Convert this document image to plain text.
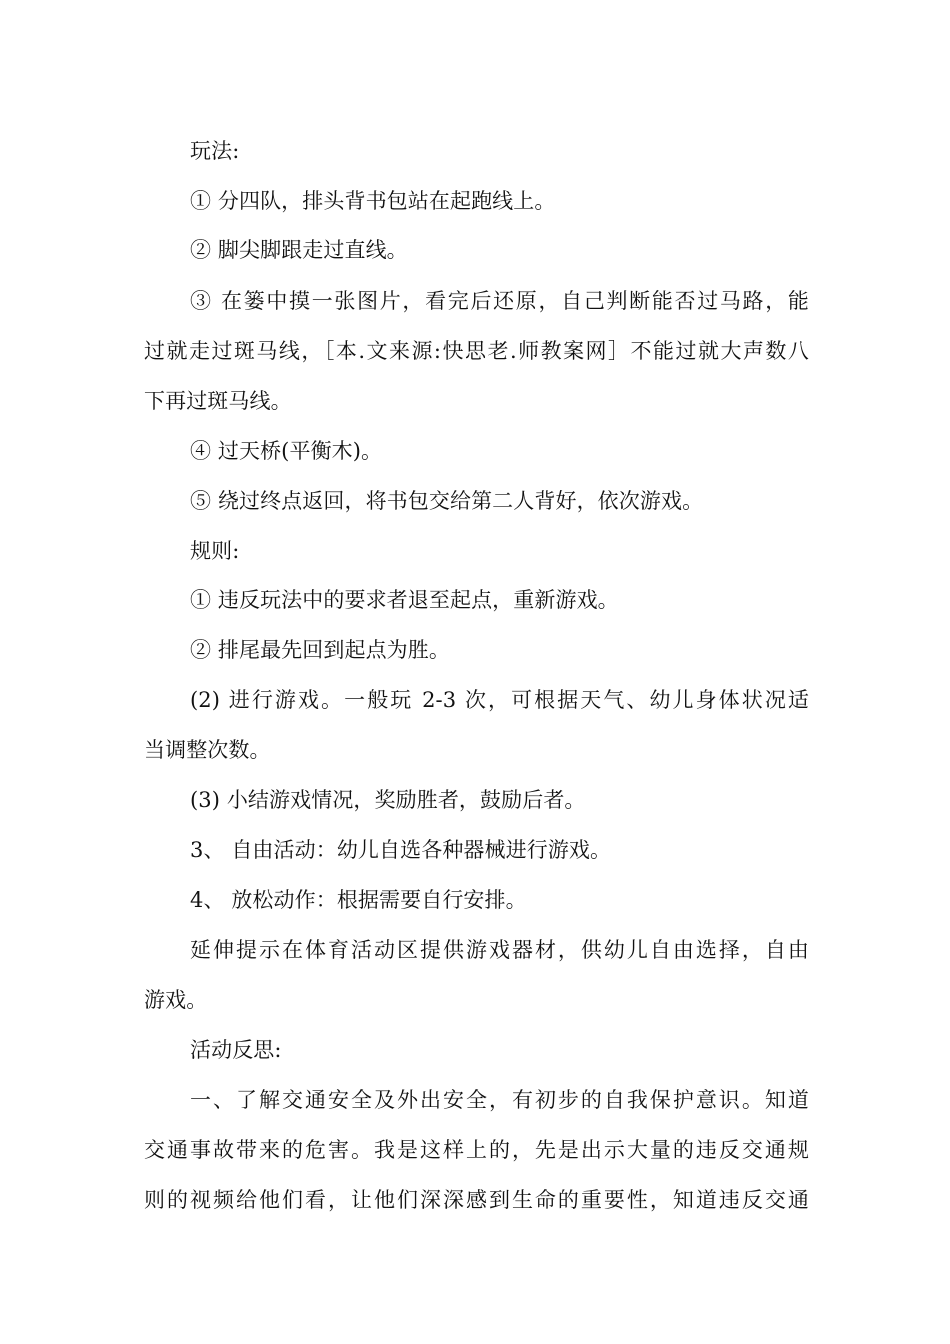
玩法:
① 分四队，排头背书包站在起跑线上。
② 脚尖脚跟走过直线。
③ 在篓中摸一张图片，看完后还原，自己判断能否过马路，能
过就走过斑马线，［本.文来源:快思老.师教案网］不能过就大声数八
下再过斑马线。
④ 过天桥(平衡木)。
⑤ 绕过终点返回，将书包交给第二人背好，依次游戏。
规则:
① 违反玩法中的要求者退至起点，重新游戏。
② 排尾最先回到起点为胜。
(2) 进行游戏。一般玩 2-3 次，可根据天气、幼儿身体状况适
当调整次数。
(3) 小结游戏情况，奖励胜者，鼓励后者。
3、 自由活动：幼儿自选各种器械进行游戏。
4、 放松动作：根据需要自行安排。
延伸提示在体育活动区提供游戏器材，供幼儿自由选择，自由
游戏。
活动反思:
一、了解交通安全及外出安全，有初步的自我保护意识。知道
交通事故带来的危害。我是这样上的，先是出示大量的违反交通规
则的视频给他们看，让他们深深感到生命的重要性，知道违反交通
